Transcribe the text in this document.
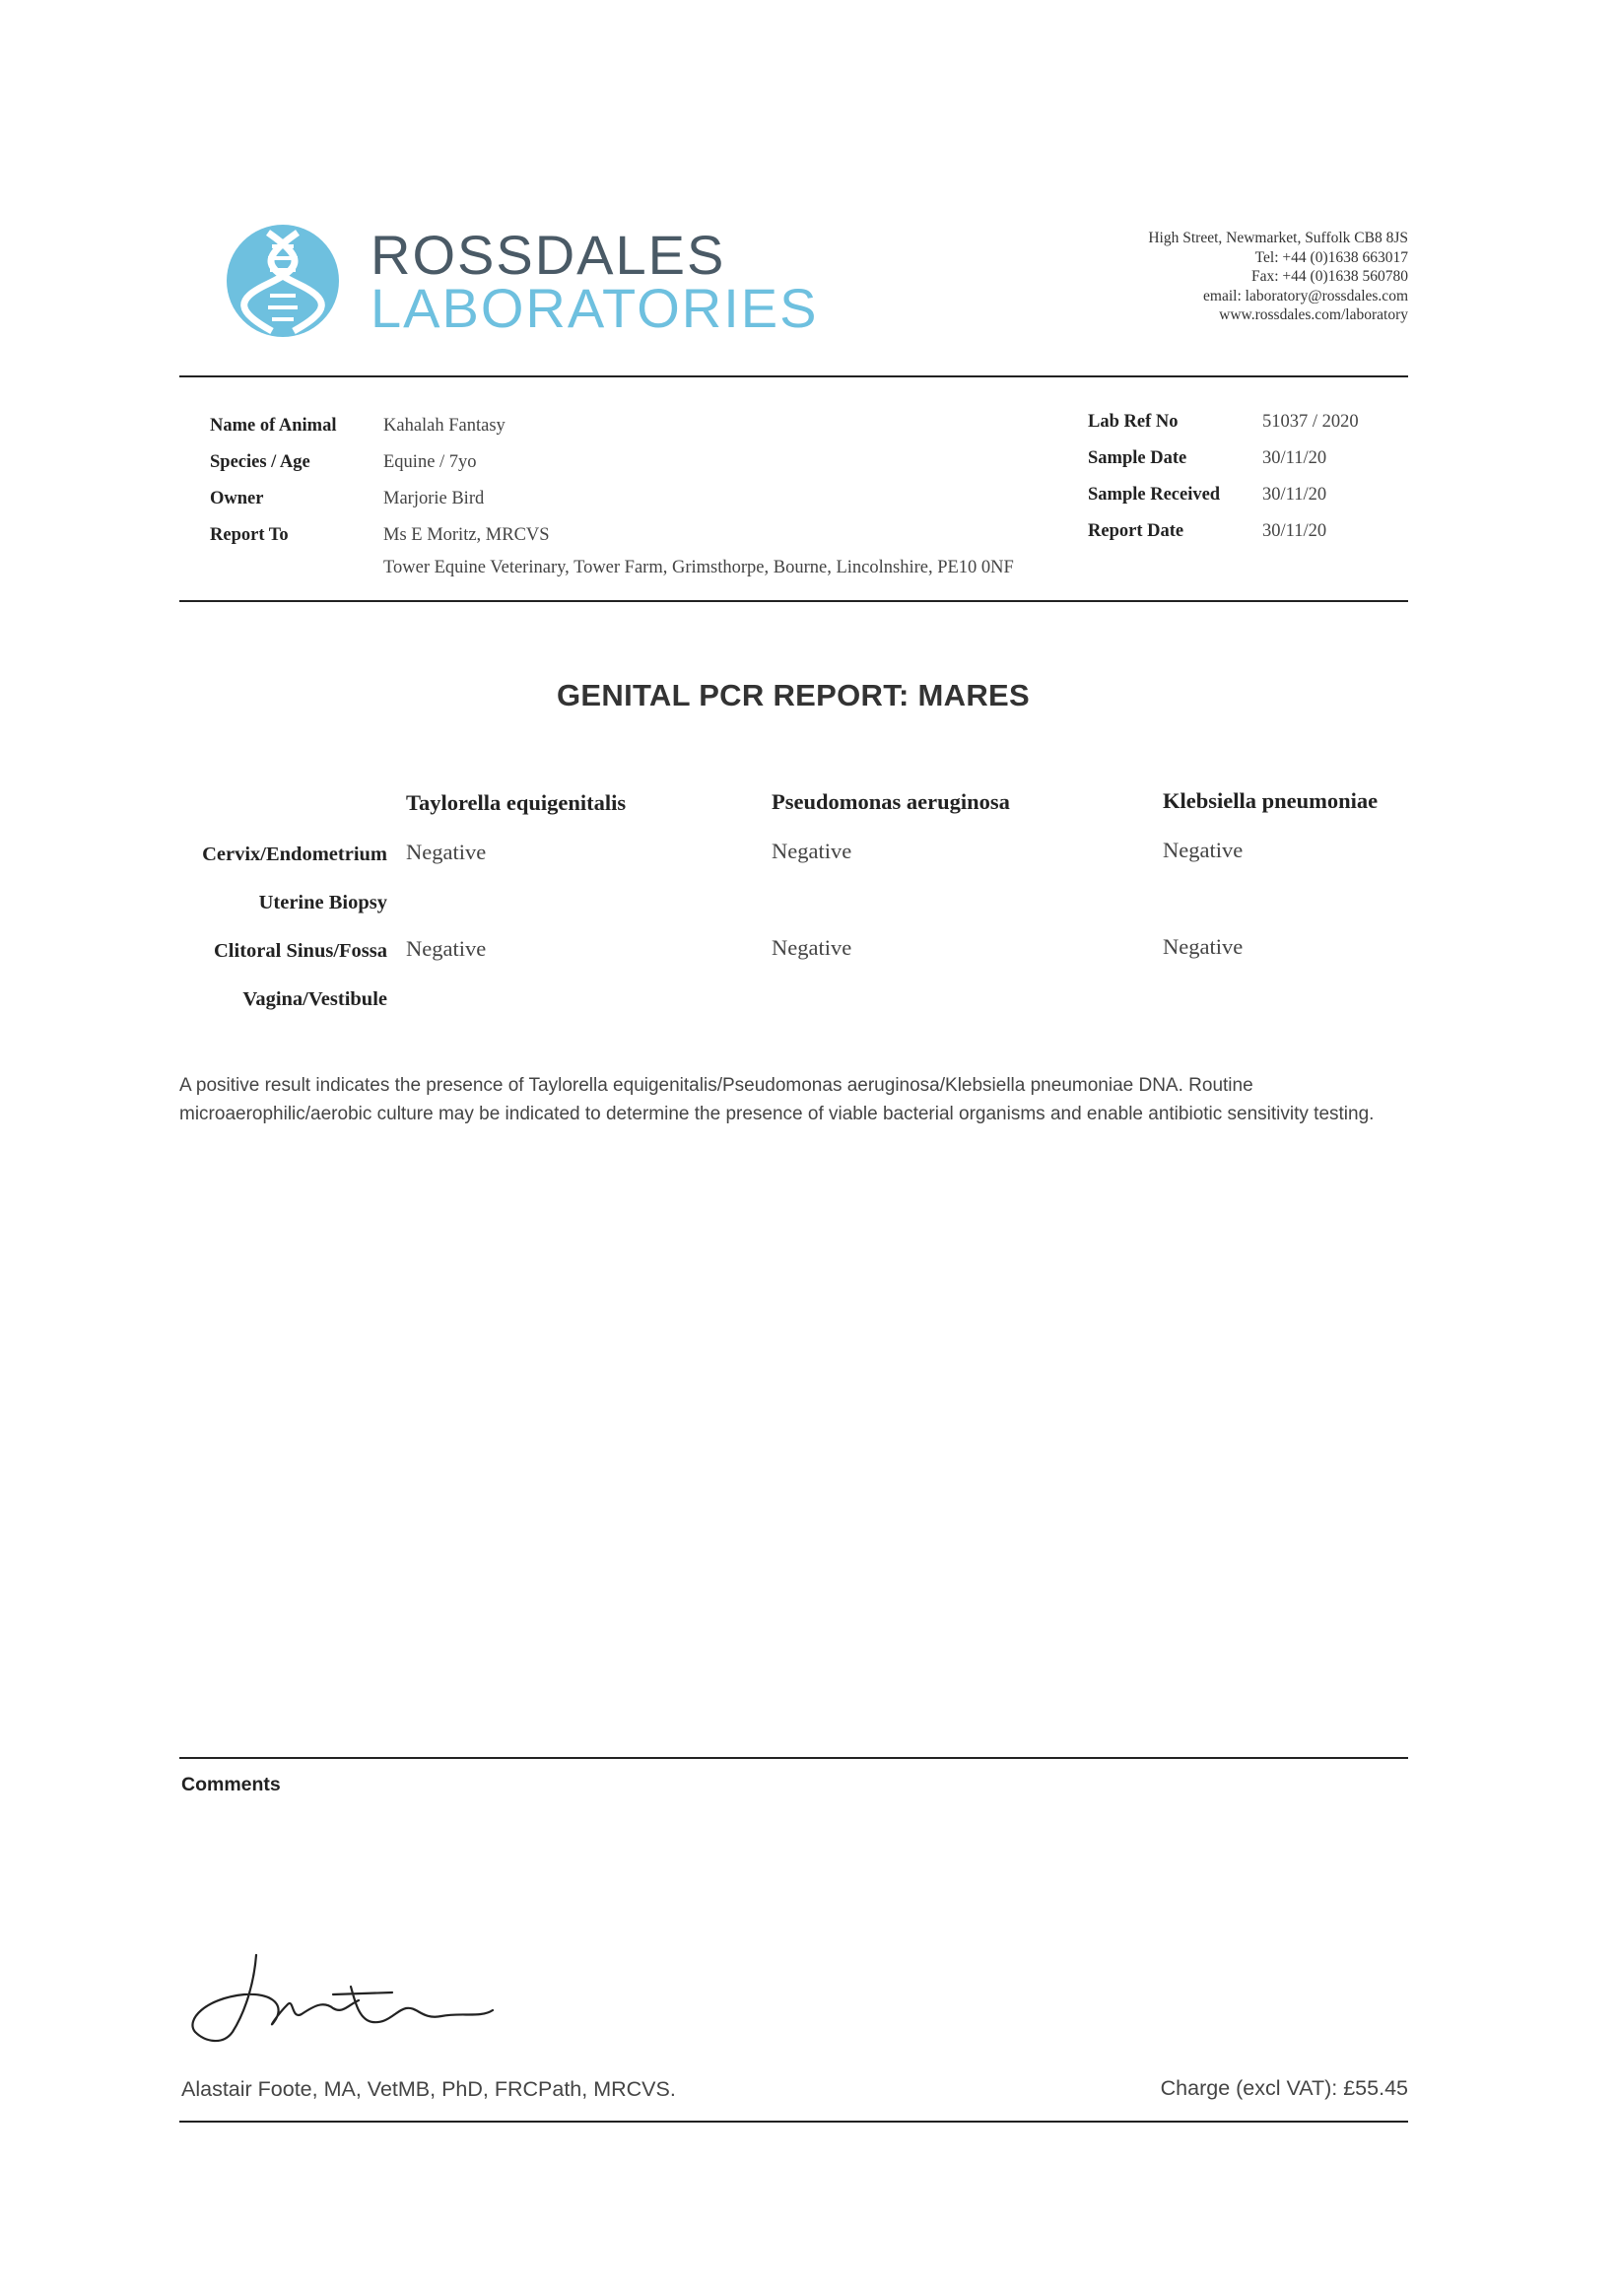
ROSSDALES
LABORATORIES
High Street, Newmarket, Suffolk CB8 8JS
Tel: +44 (0)1638 663017
Fax: +44 (0)1638 560780
email: laboratory@rossdales.com
www.rossdales.com/laboratory
Name of Animal	Kahalah Fantasy
Species / Age	Equine / 7yo
Owner	Marjorie Bird
Report To	Ms E Moritz, MRCVS
Tower Equine Veterinary, Tower Farm, Grimsthorpe, Bourne, Lincolnshire, PE10 0NF
Lab Ref No	51037 / 2020
Sample Date	30/11/20
Sample Received 30/11/20
Report Date	30/11/20
GENITAL PCR REPORT: MARES
Taylorella equigenitalis	Pseudomonas aeruginosa	Klebsiella pneumoniae
Cervix/Endometrium Negative	Negative	Negative
Uterine Biopsy
Clitoral Sinus/Fossa Negative	Negative	Negative
Vagina/Vestibule
A positive result indicates the presence of Taylorella equigenitalis/Pseudomonas aeruginosa/Klebsiella pneumoniae DNA. Routine microaerophilic/aerobic culture may be indicated to determine the presence of viable bacterial organisms and enable antibiotic sensitivity testing.
Comments
Alastair Foote, MA, VetMB, PhD, FRCPath, MRCVS.	Charge (excl VAT): £55.45
